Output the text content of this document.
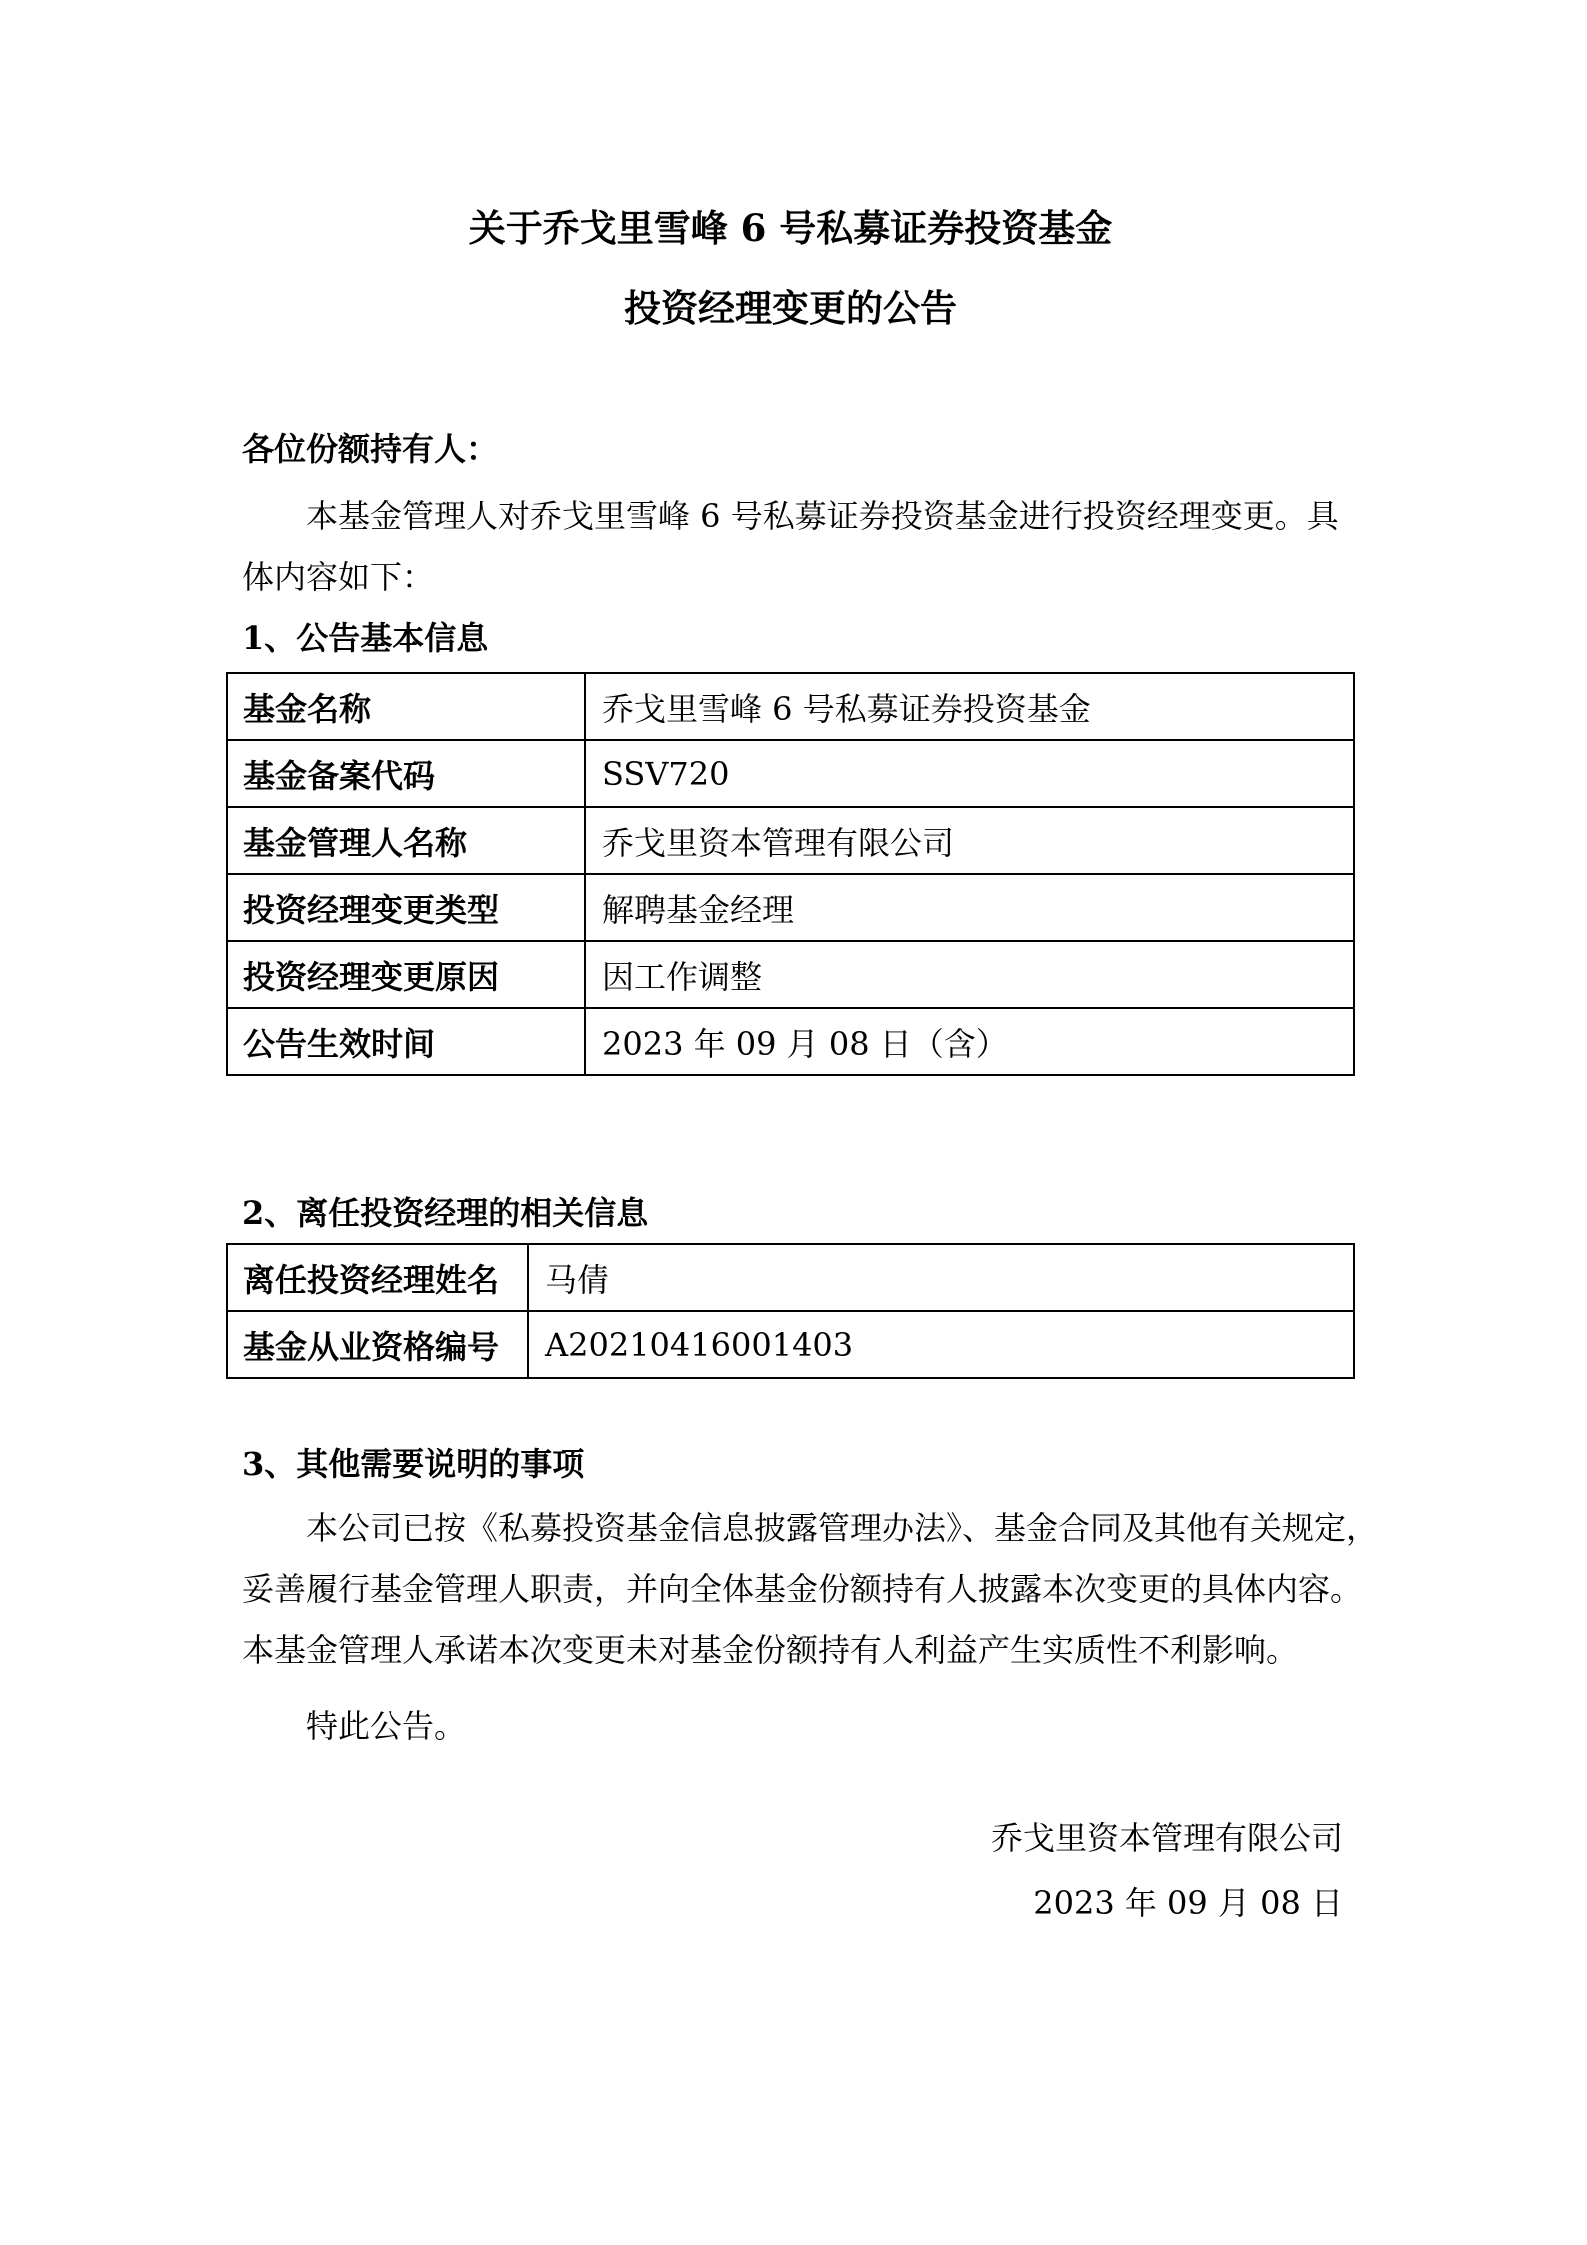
关于乔戈里雪峰 6 号私募证券投资基金
投资经理变更的公告
各位份额持有人：
本基金管理人对乔戈里雪峰 6 号私募证券投资基金进行投资经理变更。具
体内容如下：
1、公告基本信息
基金名称	乔戈里雪峰 6 号私募证券投资基金
基金备案代码	SSV720
基金管理人名称	乔戈里资本管理有限公司
投资经理变更类型	解聘基金经理
投资经理变更原因	因工作调整
公告生效时间	2023 年 09 月 08 日（含）
2、离任投资经理的相关信息
离任投资经理姓名	马倩
基金从业资格编号	A20210416001403
3、其他需要说明的事项
本公司已按《私募投资基金信息披露管理办法》、基金合同及其他有关规定，
妥善履行基金管理人职责，并向全体基金份额持有人披露本次变更的具体内容。
本基金管理人承诺本次变更未对基金份额持有人利益产生实质性不利影响。
特此公告。
乔戈里资本管理有限公司
2023 年 09 月 08 日
